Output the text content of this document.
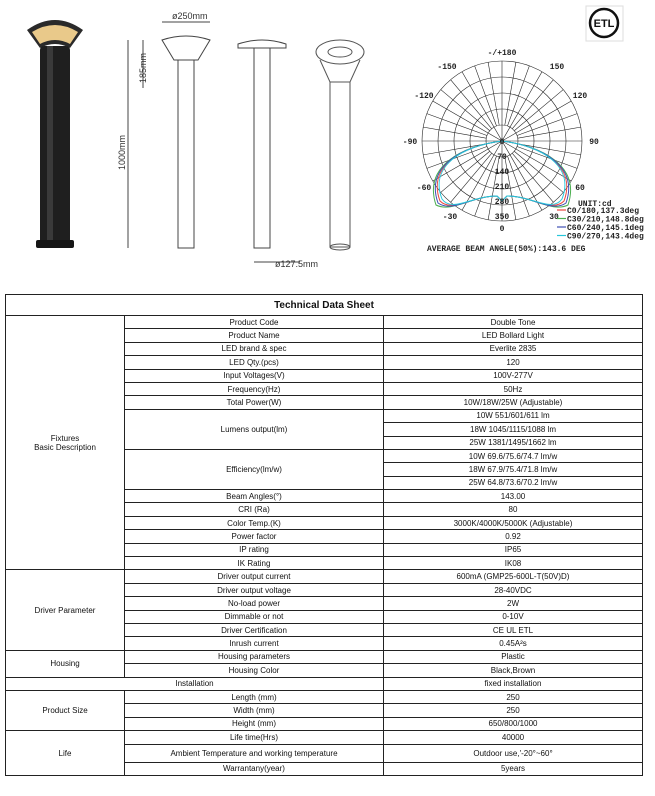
ø250mm
185mm
1000mm
ø127.5mm
ETL
-/+180
-150	150
-120	120
-90	90
-60	60
-30	30
0
0
70
140
210
280
350
UNIT:cd
C0/180,137.3deg
C30/210,148.8deg
C60/240,145.1deg
C90/270,143.4deg
AVERAGE BEAM ANGLE(50%):143.6 DEG
Technical Data Sheet		
Fixtures
Basic Description	Product Code	Double Tone
	Product Name	LED Bollard Light
	LED brand & spec	Everlite 2835
	LED Qty.(pcs)	120
	Input Voltages(V)	100V-277V
	Frequency(Hz)	50Hz
	Total Power(W)	10W/18W/25W (Adjustable)
	Lumens output(lm)	10W 551/601/611 lm
		18W 1045/1115/1088 lm
		25W 1381/1495/1662 lm
	Efficiency(lm/w)	10W 69.6/75.6/74.7 lm/w
		18W 67.9/75.4/71.8 lm/w
		25W 64.8/73.6/70.2 lm/w
	Beam Angles(°)	143.00
	CRI (Ra)	80
	Color Temp.(K)	3000K/4000K/5000K (Adjustable)
	Power factor	0.92
	IP rating	IP65
	IK Rating	IK08
Driver Parameter	Driver output current	600mA (GMP25-600L-T(50V)D)
	Driver output voltage	28-40VDC
	No-load power	2W
	Dimmable or not	0-10V
	Driver Certification	CE UL ETL
	Inrush current	0.45A²s
Housing	Housing parameters	Plastic
	Housing Color	Black,Brown
Installation		fixed installation
Product Size	Length (mm)	250
	Width (mm)	250
	Height (mm)	650/800/1000
Life	Life time(Hrs)	40000
	Ambient Temperature and working temperature	Outdoor use,'-20°~60°
	Warrantany(year)	5years
